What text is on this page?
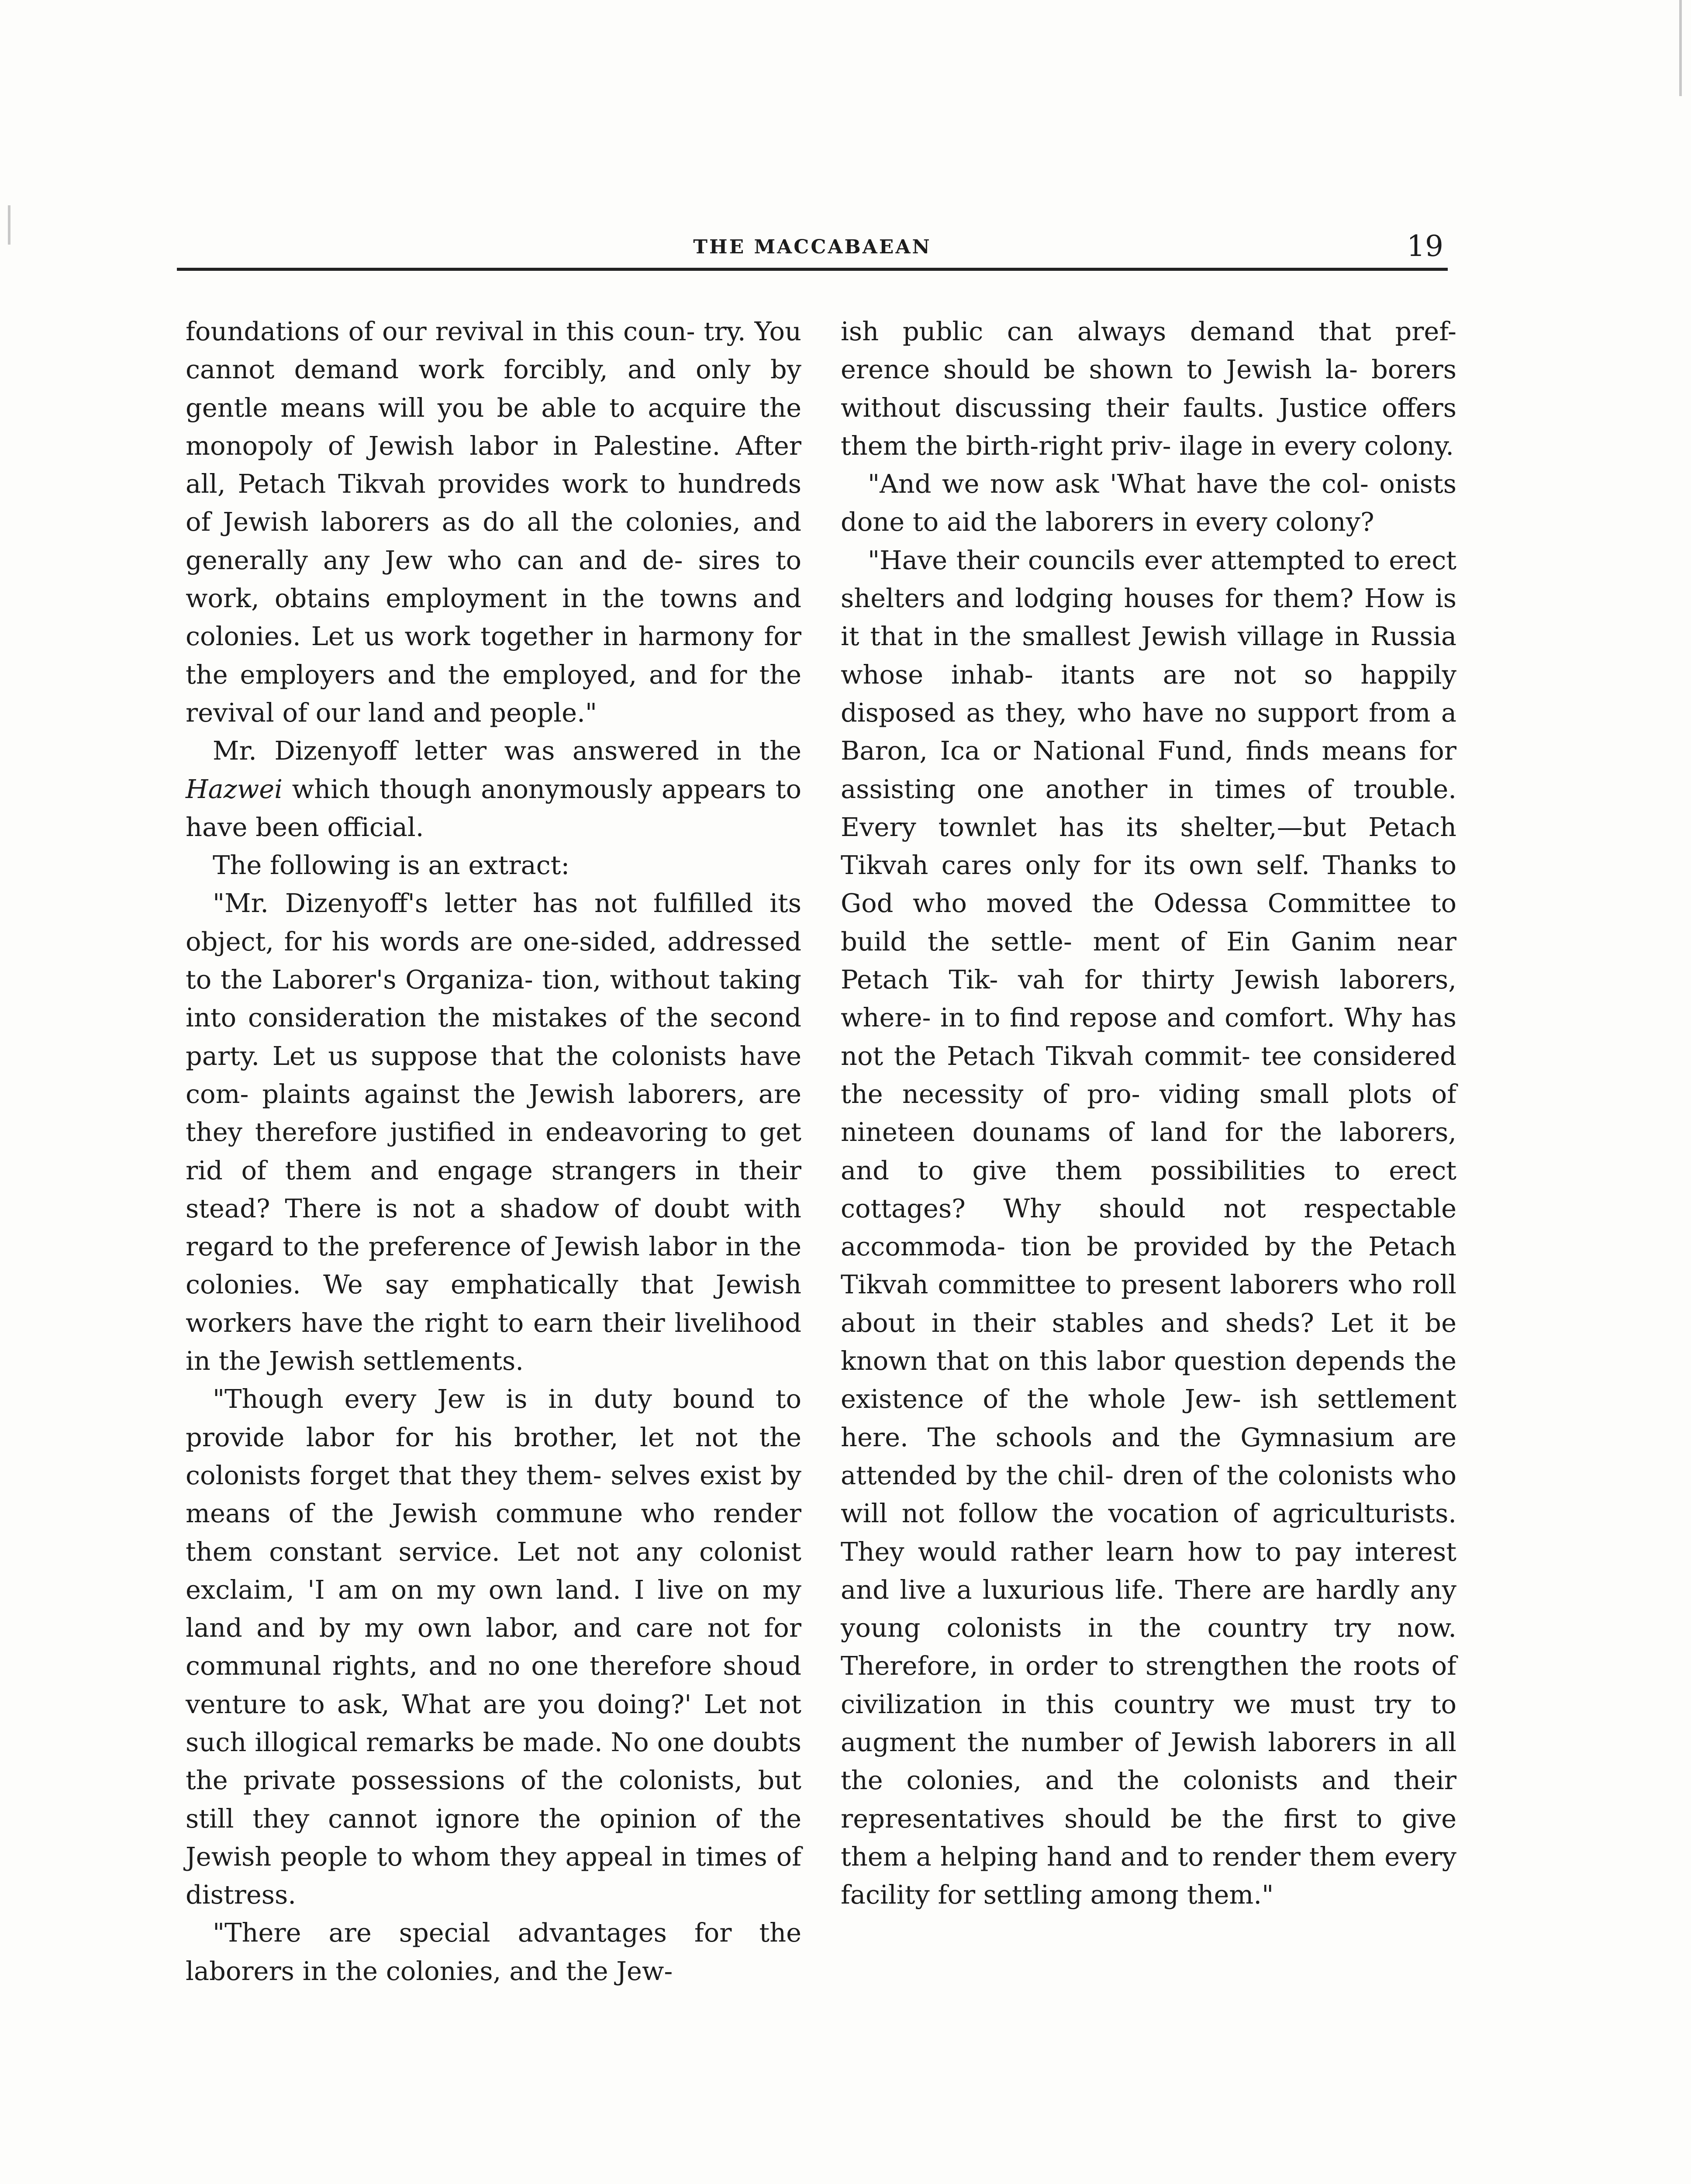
THE MACCABAEAN	19

foundations of our revival in this coun- try. You cannot demand work forcibly, and only by gentle means will you be able to acquire the monopoly of Jewish labor in Palestine. After all, Petach Tikvah provides work to hundreds of Jewish laborers as do all the colonies, and generally any Jew who can and de- sires to work, obtains employment in the towns and colonies. Let us work together in harmony for the employers and the employed, and for the revival of our land and people."

Mr. Dizenyoff letter was answered in the Hazwei which though anonymously appears to have been official.

The following is an extract:

"Mr. Dizenyoff's letter has not fulfilled its object, for his words are one-sided, addressed to the Laborer's Organiza- tion, without taking into consideration the mistakes of the second party. Let us suppose that the colonists have com- plaints against the Jewish laborers, are they therefore justified in endeavoring to get rid of them and engage strangers in their stead? There is not a shadow of doubt with regard to the preference of Jewish labor in the colonies. We say emphatically that Jewish workers have the right to earn their livelihood in the Jewish settlements.

"Though every Jew is in duty bound to provide labor for his brother, let not the colonists forget that they them- selves exist by means of the Jewish commune who render them constant service. Let not any colonist exclaim, 'I am on my own land. I live on my land and by my own labor, and care not for communal rights, and no one therefore shoud venture to ask, What are you doing?' Let not such illogical remarks be made. No one doubts the private possessions of the colonists, but still they cannot ignore the opinion of the Jewish people to whom they appeal in times of distress.

"There are special advantages for the laborers in the colonies, and the Jew-

ish public can always demand that pref- erence should be shown to Jewish la- borers without discussing their faults. Justice offers them the birth-right priv- ilage in every colony.

"And we now ask 'What have the col- onists done to aid the laborers in every colony?

"Have their councils ever attempted to erect shelters and lodging houses for them? How is it that in the smallest Jewish village in Russia whose inhab- itants are not so happily disposed as they, who have no support from a Baron, Ica or National Fund, finds means for assisting one another in times of trouble. Every townlet has its shelter,—but Petach Tikvah cares only for its own self. Thanks to God who moved the Odessa Committee to build the settle- ment of Ein Ganim near Petach Tik- vah for thirty Jewish laborers, where- in to find repose and comfort. Why has not the Petach Tikvah commit- tee considered the necessity of pro- viding small plots of nineteen dounams of land for the laborers, and to give them possibilities to erect cottages? Why should not respectable accommoda- tion be provided by the Petach Tikvah committee to present laborers who roll about in their stables and sheds? Let it be known that on this labor question depends the existence of the whole Jew- ish settlement here. The schools and the Gymnasium are attended by the chil- dren of the colonists who will not follow the vocation of agriculturists. They would rather learn how to pay interest and live a luxurious life. There are hardly any young colonists in the country try now. Therefore, in order to strengthen the roots of civilization in this country we must try to augment the number of Jewish laborers in all the colonies, and the colonists and their representatives should be the first to give them a helping hand and to render them every facility for settling among them."
